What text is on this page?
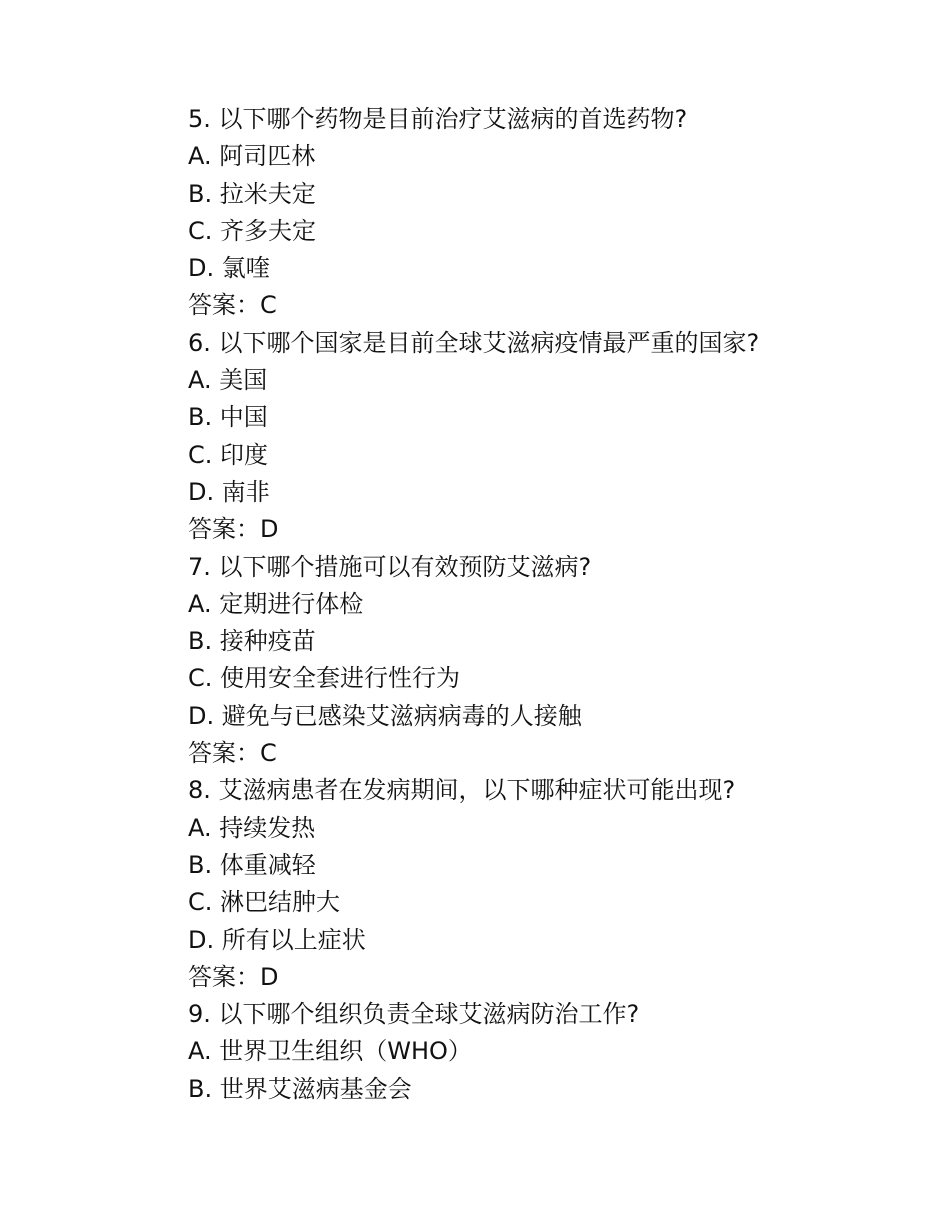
5. 以下哪个药物是目前治疗艾滋病的首选药物?
A. 阿司匹林
B. 拉米夫定
C. 齐多夫定
D. 氯喹
答案：C
6. 以下哪个国家是目前全球艾滋病疫情最严重的国家?
A. 美国
B. 中国
C. 印度
D. 南非
答案：D
7. 以下哪个措施可以有效预防艾滋病?
A. 定期进行体检
B. 接种疫苗
C. 使用安全套进行性行为
D. 避免与已感染艾滋病病毒的人接触
答案：C
8. 艾滋病患者在发病期间，以下哪种症状可能出现?
A. 持续发热
B. 体重减轻
C. 淋巴结肿大
D. 所有以上症状
答案：D
9. 以下哪个组织负责全球艾滋病防治工作?
A. 世界卫生组织（WHO）
B. 世界艾滋病基金会
